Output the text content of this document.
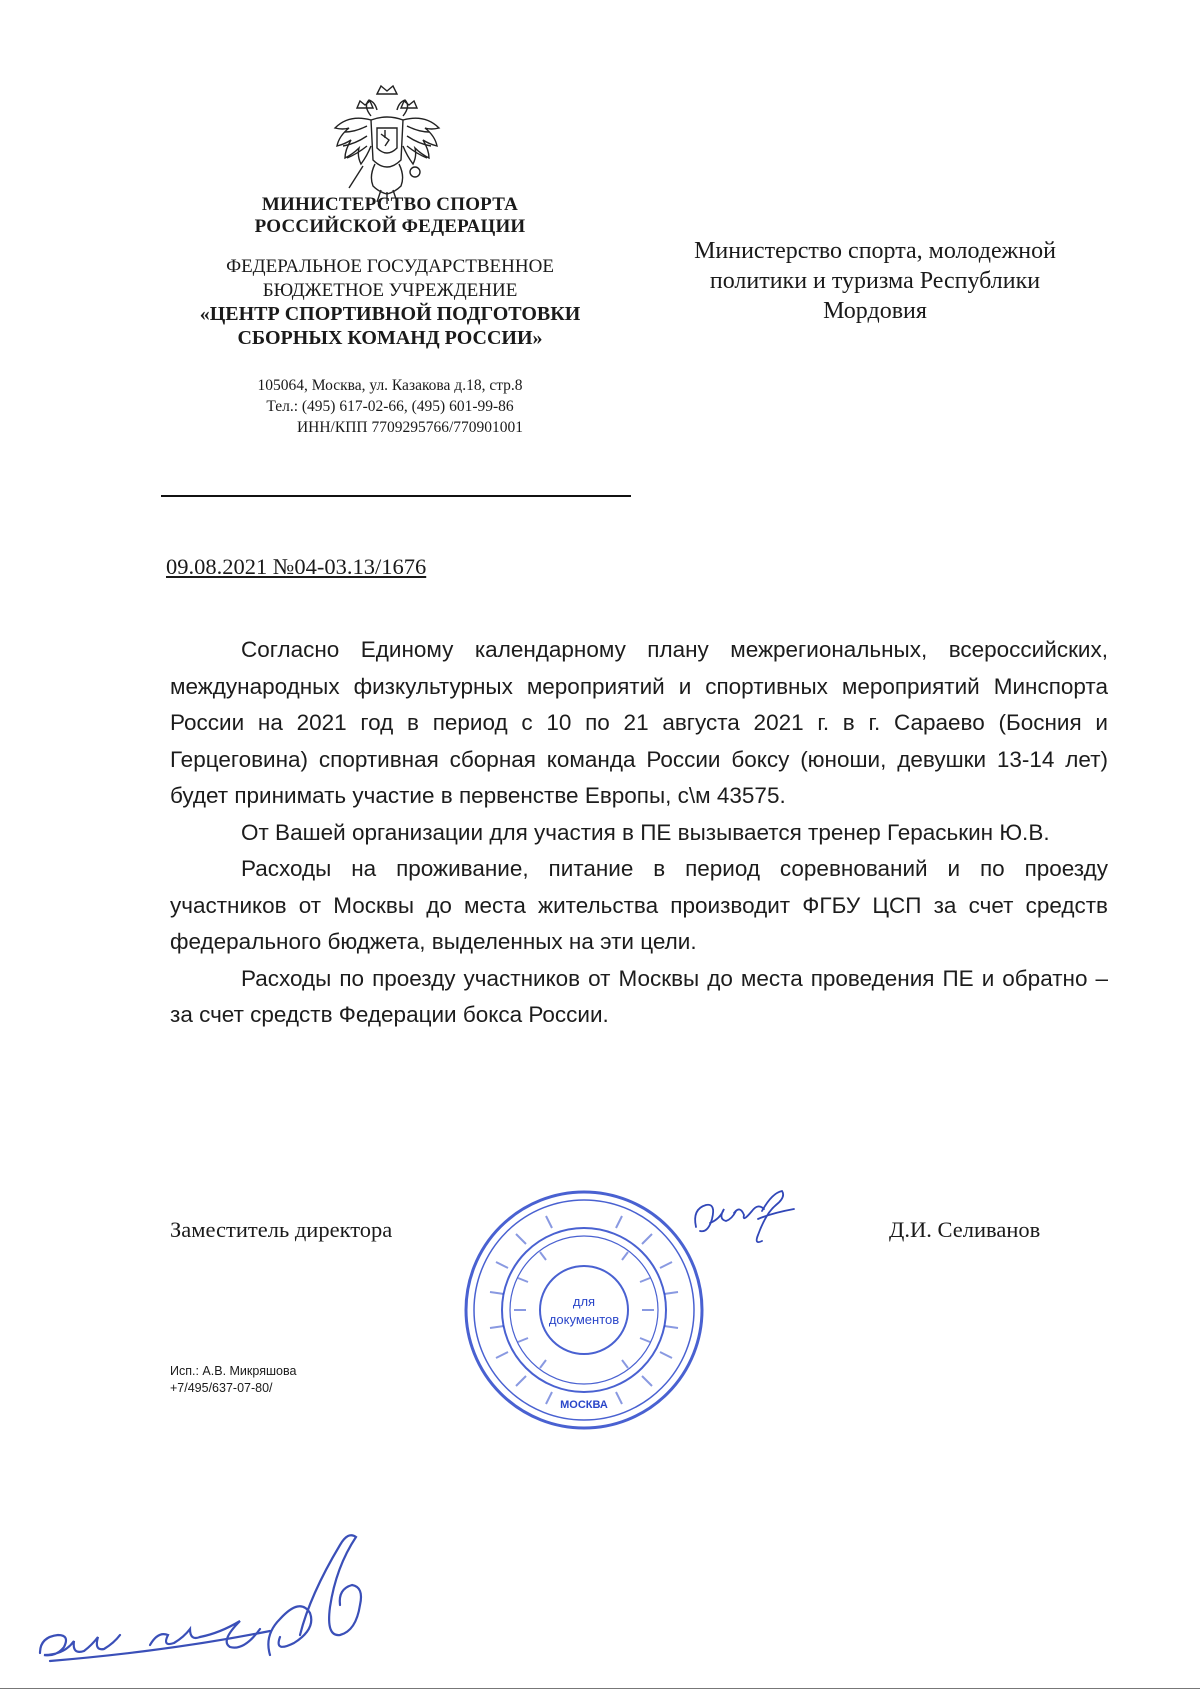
МИНИСТЕРСТВО СПОРТА
РОССИЙСКОЙ ФЕДЕРАЦИИ
ФЕДЕРАЛЬНОЕ ГОСУДАРСТВЕННОЕ
БЮДЖЕТНОЕ УЧРЕЖДЕНИЕ
«ЦЕНТР СПОРТИВНОЙ ПОДГОТОВКИ
СБОРНЫХ КОМАНД РОССИИ»
105064, Москва, ул. Казакова д.18, стр.8
Тел.: (495) 617-02-66, (495) 601-99-86
ИНН/КПП 7709295766/770901001
Министерство спорта, молодежной
политики и туризма Республики
Мордовия
09.08.2021 №04-03.13/1676

Согласно Единому календарному плану межрегиональных, всероссийских, международных физкультурных мероприятий и спортивных мероприятий Минспорта России на 2021 год в период с 10 по 21 августа 2021 г. в г. Сараево (Босния и Герцеговина) спортивная сборная команда России боксу (юноши, девушки 13-14 лет) будет принимать участие в первенстве Европы, с\м 43575.

От Вашей организации для участия в ПЕ вызывается тренер Гераськин Ю.В.

Расходы на проживание, питание в период соревнований и по проезду участников от Москвы до места жительства производит ФГБУ ЦСП за счет средств федерального бюджета, выделенных на эти цели.

Расходы по проезду участников от Москвы до места проведения ПЕ и обратно – за счет средств Федерации бокса России.

Заместитель директора	Д.И. Селиванов
для
документов
МОСКВА
Исп.: А.В. Микряшова
+7/495/637-07-80/
